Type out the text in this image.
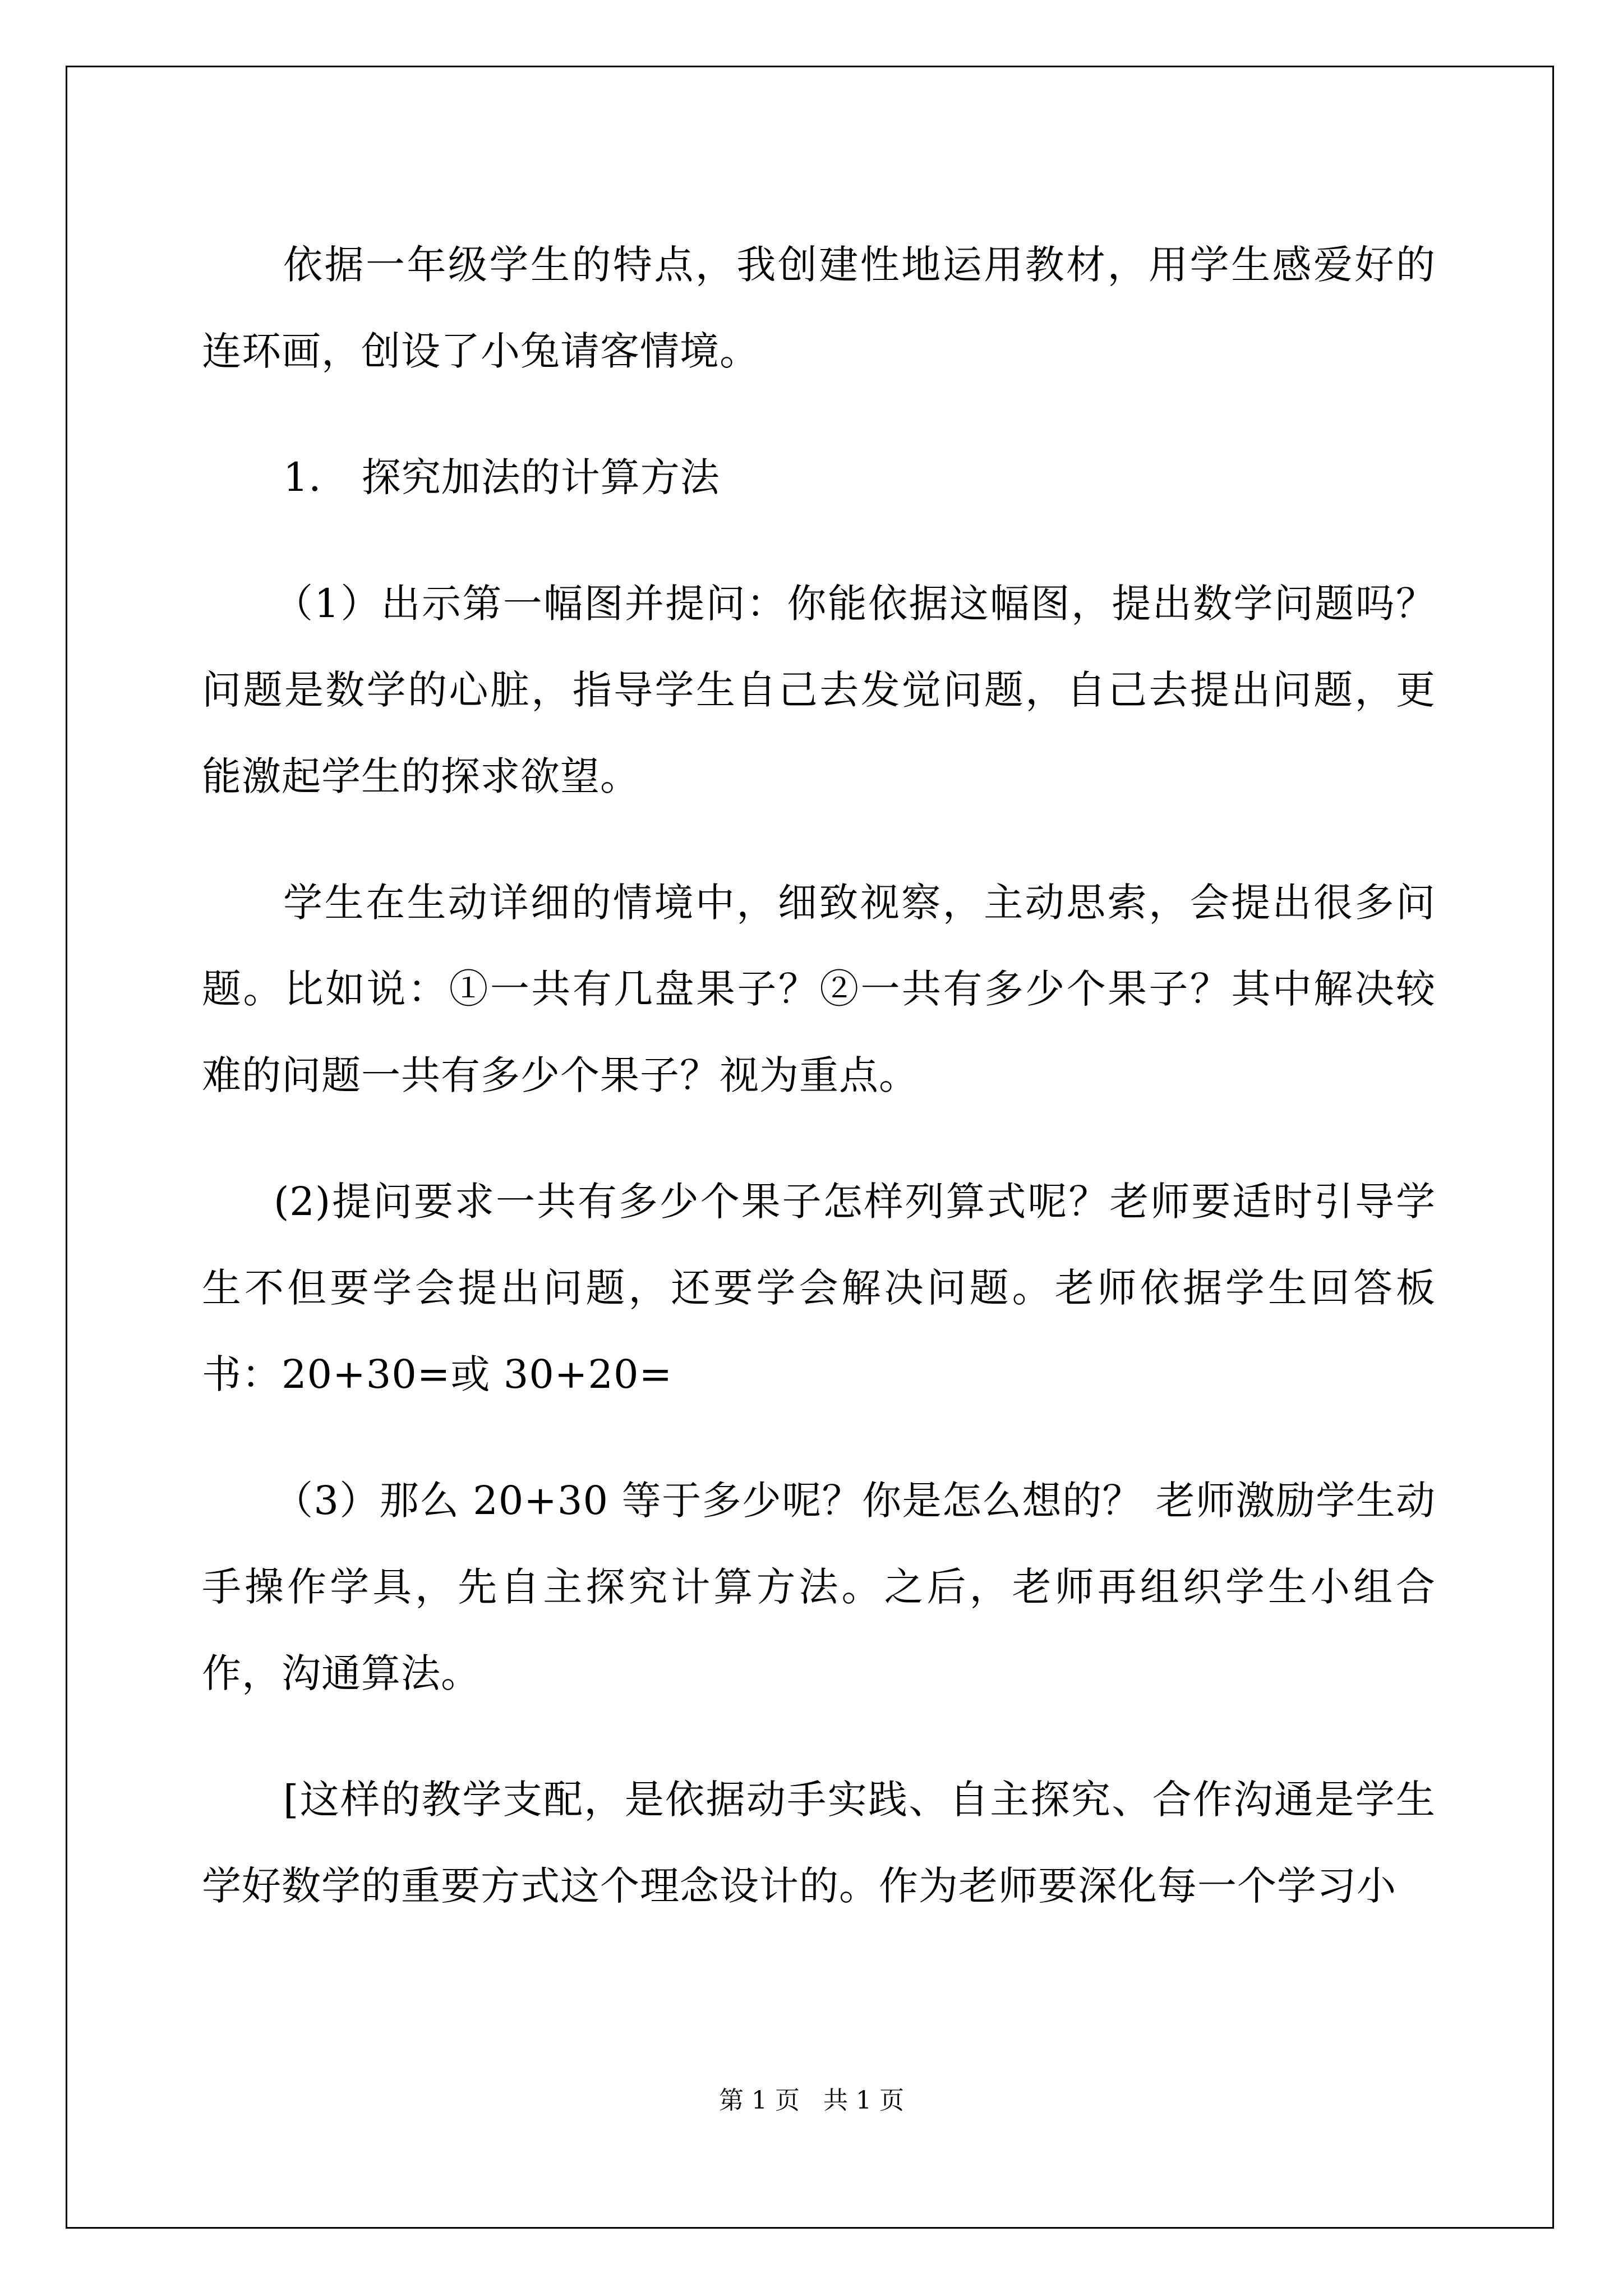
依据一年级学生的特点，我创建性地运用教材，用学生感爱好的连环画，创设了小兔请客情境。

1． 探究加法的计算方法

（1）出示第一幅图并提问：你能依据这幅图，提出数学问题吗？问题是数学的心脏，指导学生自己去发觉问题，自己去提出问题，更能激起学生的探求欲望。

学生在生动详细的情境中，细致视察，主动思索，会提出很多问题。比如说：①一共有几盘果子？②一共有多少个果子？其中解决较难的问题一共有多少个果子？视为重点。

(2)提问要求一共有多少个果子怎样列算式呢？老师要适时引导学生不但要学会提出问题，还要学会解决问题。老师依据学生回答板书：20+30=或 30+20=

（3）那么 20+30 等于多少呢？你是怎么想的？ 老师激励学生动手操作学具，先自主探究计算方法。之后，老师再组织学生小组合作，沟通算法。

[这样的教学支配，是依据动手实践、自主探究、合作沟通是学生学好数学的重要方式这个理念设计的。作为老师要深化每一个学习小

第 1 页 共 1 页
